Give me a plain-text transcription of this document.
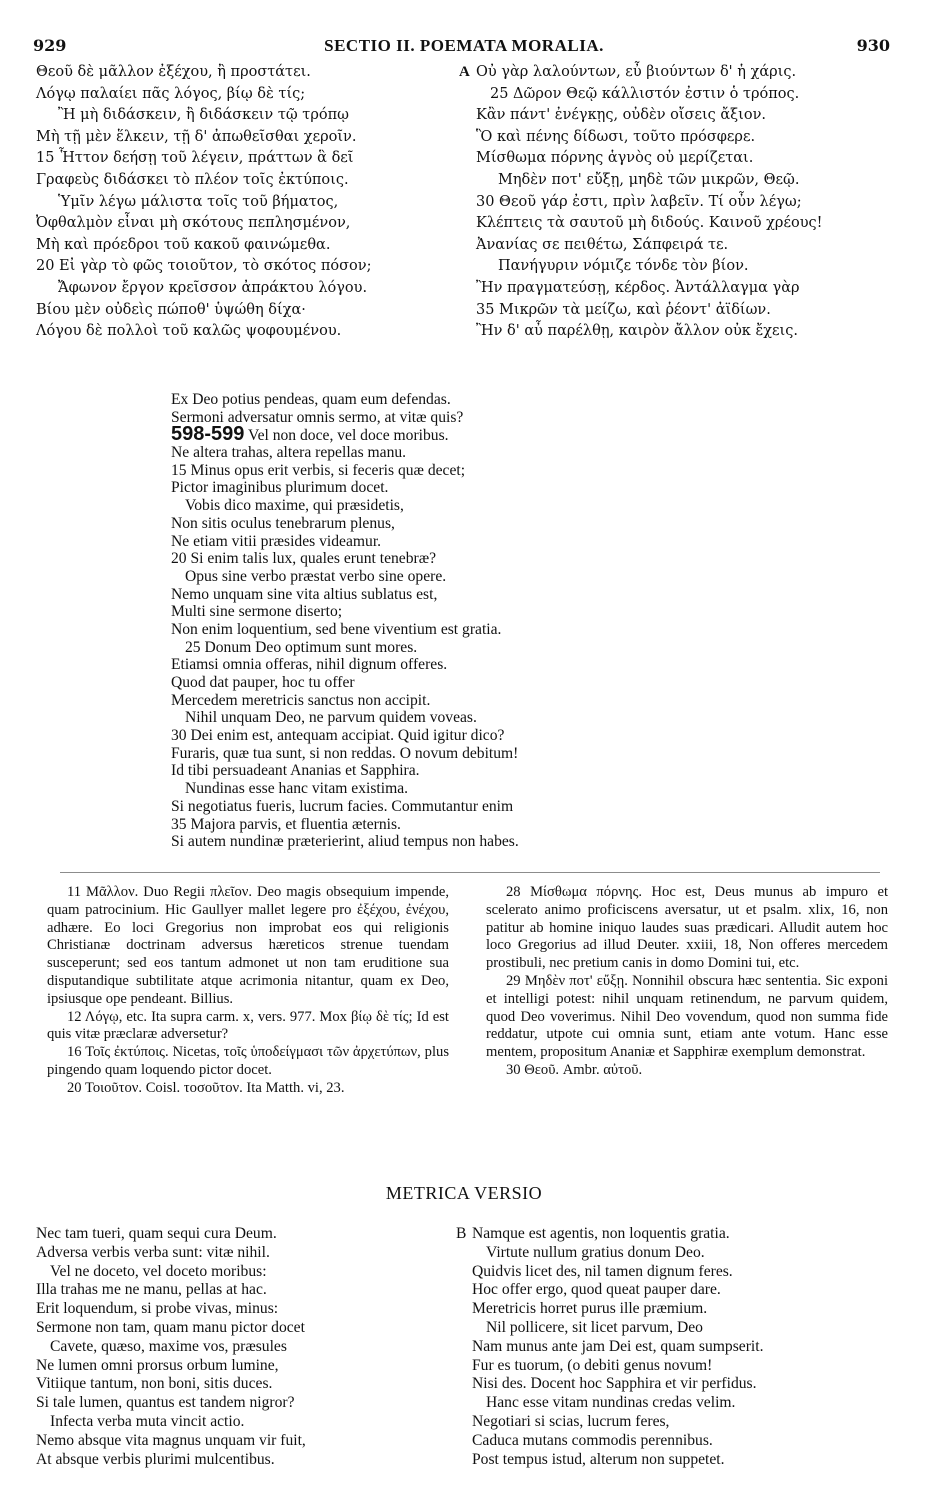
929	SECTIO II. POEMATA MORALIA.	930
Θεοῦ δὲ μᾶλλον ἐξέχου, ἢ προστάτει.
Λόγῳ παλαίει πᾶς λόγος, βίῳ δὲ τίς;
Ἢ μὴ διδάσκειν, ἢ διδάσκειν τῷ τρόπῳ
Μὴ τῇ μὲν ἕλκειν, τῇ δ' ἀπωθεῖσθαι χεροῖν.
15 Ἧττον δεήσῃ τοῦ λέγειν, πράττων ἃ δεῖ
Γραφεὺς διδάσκει τὸ πλέον τοῖς ἐκτύποις.
Ὑμῖν λέγω μάλιστα τοῖς τοῦ βήματος,
Ὀφθαλμὸν εἶναι μὴ σκότους πεπλησμένον,
Μὴ καὶ πρόεδροι τοῦ κακοῦ φαινώμεθα.
20 Εἰ γὰρ τὸ φῶς τοιοῦτον, τὸ σκότος πόσον;
Ἄφωνον ἔργον κρεῖσσον ἀπράκτου λόγου.
Βίου μὲν οὐδεὶς πώποθ' ὑψώθη δίχα·
Λόγου δὲ πολλοὶ τοῦ καλῶς ψοφουμένου.
A Οὐ γὰρ λαλούντων, εὖ βιούντων δ' ἡ χάρις.
25 Δῶρον Θεῷ κάλλιστόν ἐστιν ὁ τρόπος.
Κἂν πάντ' ἐνέγκῃς, οὐδὲν οἴσεις ἄξιον.
Ὃ καὶ πένης δίδωσι, τοῦτο πρόσφερε.
Μίσθωμα πόρνης ἁγνὸς οὐ μερίζεται.
Μηδὲν ποτ' εὔξῃ, μηδὲ τῶν μικρῶν, Θεῷ.
30 Θεοῦ γάρ ἐστι, πρὶν λαβεῖν. Τί οὖν λέγω;
Κλέπτεις τὰ σαυτοῦ μὴ διδούς. Καινοῦ χρέους!
Ἀνανίας σε πειθέτω, Σάπφειρά τε.
Πανήγυριν νόμιζε τόνδε τὸν βίον.
Ἢν πραγματεύσῃ, κέρδος. Ἀντάλλαγμα γὰρ
35 Μικρῶν τὰ μείζω, καὶ ῥέοντ' ἀϊδίων.
Ἢν δ' αὖ παρέλθῃ, καιρὸν ἄλλον οὐκ ἔχεις.
Ex Deo potius pendeas, quam eum defendas.
Sermoni adversatur omnis sermo, at vitæ quis?
598-599 Vel non doce, vel doce moribus.
Ne altera trahas, altera repellas manu.
15 Minus opus erit verbis, si feceris quæ decet;
Pictor imaginibus plurimum docet.
Vobis dico maxime, qui præsidetis,
Non sitis oculus tenebrarum plenus,
Ne etiam vitii præsides videamur.
20 Si enim talis lux, quales erunt tenebræ?
Opus sine verbo præstat verbo sine opere.
Nemo unquam sine vita altius sublatus est,
Multi sine sermone diserto;
Non enim loquentium, sed bene viventium est gratia.
25 Donum Deo optimum sunt mores.
Etiamsi omnia offeras, nihil dignum offeres.
Quod dat pauper, hoc tu offer
Mercedem meretricis sanctus non accipit.
Nihil unquam Deo, ne parvum quidem voveas.
30 Dei enim est, antequam accipiat. Quid igitur dico?
Furaris, quæ tua sunt, si non reddas. O novum debitum!
Id tibi persuadeant Ananias et Sapphira.
Nundinas esse hanc vitam existima.
Si negotiatus fueris, lucrum facies. Commutantur enim
35 Majora parvis, et fluentia æternis.
Si autem nundinæ præterierint, aliud tempus non habes.

11 Μᾶλλον. Duo Regii πλεῖον. Deo magis obsequium impende, quam patrocinium. Hic Gaullyer mallet legere pro ἐξέχου, ἐνέχου, adhære. Eo loci Gregorius non improbat eos qui religionis Christianæ doctrinam adversus hæreticos strenue tuendam susceperunt; sed eos tantum admonet ut non tam eruditione sua disputandique subtilitate atque acrimonia nitantur, quam ex Deo, ipsiusque ope pendeant. Billius.

12 Λόγῳ, etc. Ita supra carm. x, vers. 977. Mox βίῳ δὲ τίς; Id est quis vitæ præclaræ adversetur?

16 Τοῖς ἐκτύποις. Nicetas, τοῖς ὑποδείγμασι τῶν ἀρχετύπων, plus pingendo quam loquendo pictor docet.

20 Τοιοῦτον. Coisl. τοσοῦτον. Ita Matth. vi, 23.

28 Μίσθωμα πόρνης. Hoc est, Deus munus ab impuro et scelerato animo proficiscens aversatur, ut et psalm. xlix, 16, non patitur ab homine iniquo laudes suas prædicari. Alludit autem hoc loco Gregorius ad illud Deuter. xxiii, 18, Non offeres mercedem prostibuli, nec pretium canis in domo Domini tui, etc.

29 Μηδὲν ποτ' εὔξῃ. Nonnihil obscura hæc sententia. Sic exponi et intelligi potest: nihil unquam retinendum, ne parvum quidem, quod Deo voverimus. Nihil Deo vovendum, quod non summa fide reddatur, utpote cui omnia sunt, etiam ante votum. Hanc esse mentem, propositum Ananiæ et Sapphiræ exemplum demonstrat.

30 Θεοῦ. Ambr. αὐτοῦ.

METRICA VERSIO
Nec tam tueri, quam sequi cura Deum.
Adversa verbis verba sunt: vitæ nihil.
Vel ne doceto, vel doceto moribus:
Illa trahas me ne manu, pellas at hac.
Erit loquendum, si probe vivas, minus:
Sermone non tam, quam manu pictor docet
Cavete, quæso, maxime vos, præsules
Ne lumen omni prorsus orbum lumine,
Vitiique tantum, non boni, sitis duces.
Si tale lumen, quantus est tandem nigror?
Infecta verba muta vincit actio.
Nemo absque vita magnus unquam vir fuit,
At absque verbis plurimi mulcentibus.
B Namque est agentis, non loquentis gratia.
Virtute nullum gratius donum Deo.
Quidvis licet des, nil tamen dignum feres.
Hoc offer ergo, quod queat pauper dare.
Meretricis horret purus ille præmium.
Nil pollicere, sit licet parvum, Deo
Nam munus ante jam Dei est, quam sumpserit.
Fur es tuorum, (o debiti genus novum!
Nisi des. Docent hoc Sapphira et vir perfidus.
Hanc esse vitam nundinas credas velim.
Negotiari si scias, lucrum feres,
Caduca mutans commodis perennibus.
Post tempus istud, alterum non suppetet.
